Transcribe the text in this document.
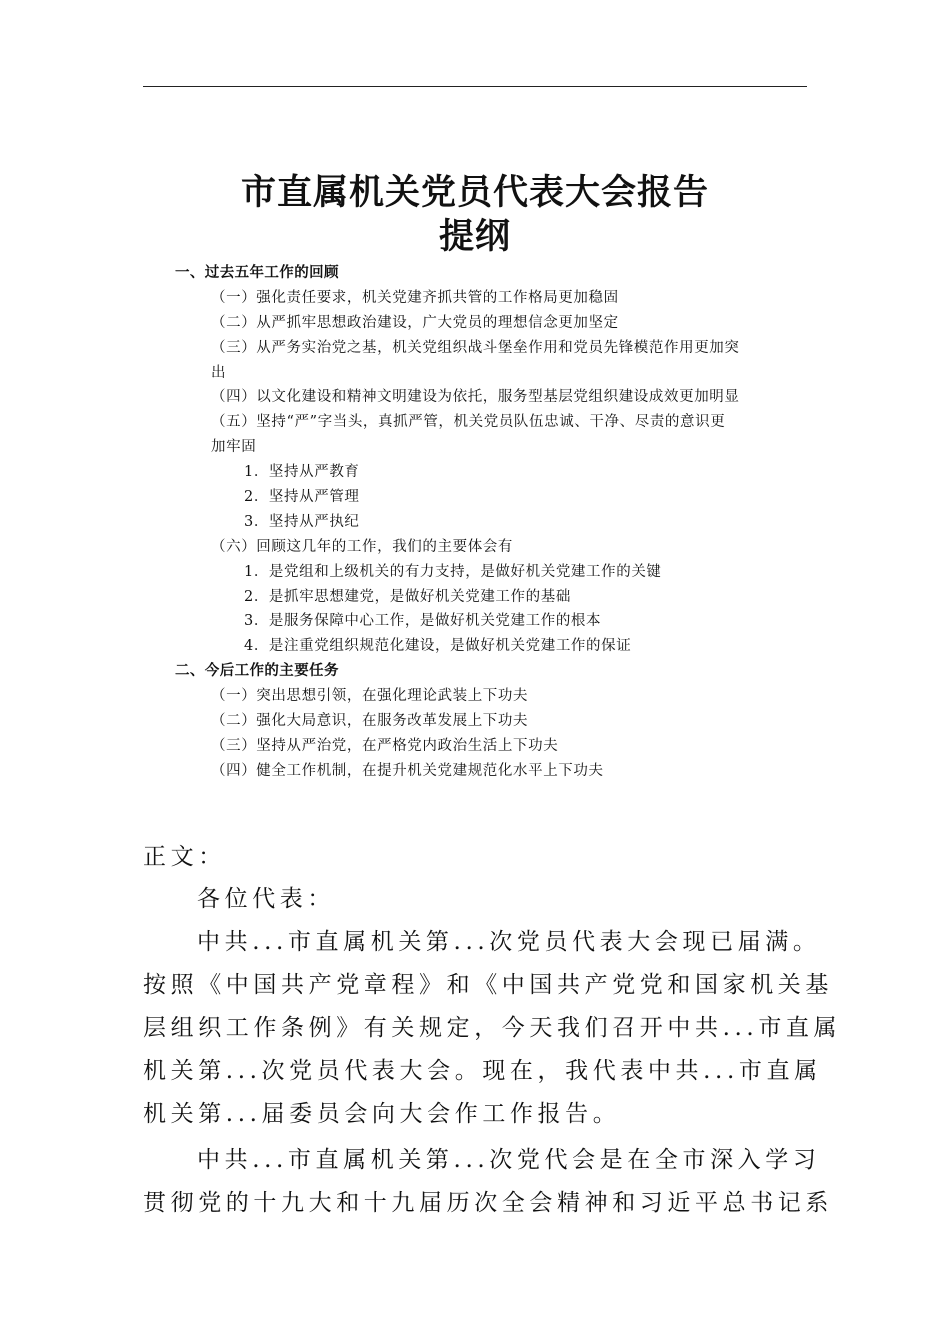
市直属机关党员代表大会报告
提纲
一、过去五年工作的回顾
（一）强化责任要求，机关党建齐抓共管的工作格局更加稳固
（二）从严抓牢思想政治建设，广大党员的理想信念更加坚定
（三）从严务实治党之基，机关党组织战斗堡垒作用和党员先锋模范作用更加突
出
（四）以文化建设和精神文明建设为依托，服务型基层党组织建设成效更加明显
（五）坚持“严”字当头，真抓严管，机关党员队伍忠诚、干净、尽责的意识更
加牢固
1．坚持从严教育
2．坚持从严管理
3．坚持从严执纪
（六）回顾这几年的工作，我们的主要体会有
1．是党组和上级机关的有力支持，是做好机关党建工作的关键
2．是抓牢思想建党，是做好机关党建工作的基础
3．是服务保障中心工作，是做好机关党建工作的根本
4．是注重党组织规范化建设，是做好机关党建工作的保证
二、今后工作的主要任务
（一）突出思想引领，在强化理论武装上下功夫
（二）强化大局意识，在服务改革发展上下功夫
（三）坚持从严治党，在严格党内政治生活上下功夫
（四）健全工作机制，在提升机关党建规范化水平上下功夫
正文：
各位代表：
中共...市直属机关第...次党员代表大会现已届满。
按照《中国共产党章程》和《中国共产党党和国家机关基
层组织工作条例》有关规定，今天我们召开中共...市直属
机关第...次党员代表大会。现在，我代表中共...市直属
机关第...届委员会向大会作工作报告。
中共...市直属机关第...次党代会是在全市深入学习
贯彻党的十九大和十九届历次全会精神和习近平总书记系
